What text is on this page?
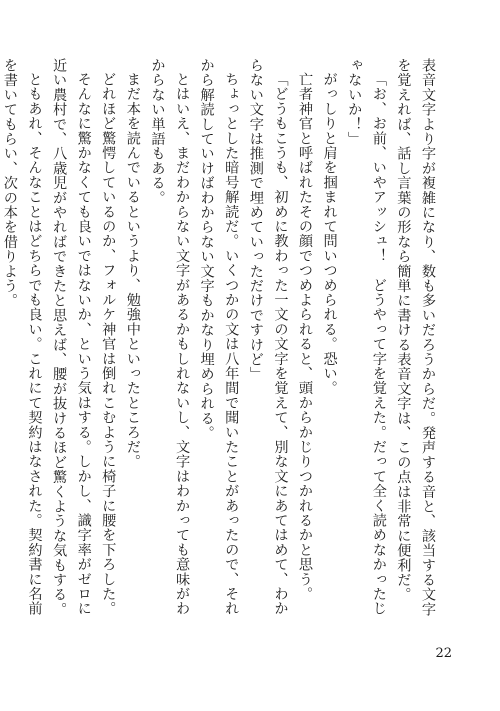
表音文字より字が複雑になり、数も多いだろうからだ。発声する音と、該当する文字を覚えれば、話し言葉の形なら簡単に書ける表音文字は、この点は非常に便利だ。

「お、お前、いやアッシュ！　どうやって字を覚えた。だって全く読めなかったじゃないか！」

がっしりと肩を掴まれて問いつめられる。恐い。

亡者神官と呼ばれたその顔でつめよられると、頭からかじりつかれるかと思う。

「どうもこうも、初めに教わった一文の文字を覚えて、別な文にあてはめて、わからない文字は推測で埋めていっただけですけど」

ちょっとした暗号解読だ。いくつかの文は八年間で聞いたことがあったので、それから解読していけばわからない文字もかなり埋められる。

とはいえ、まだわからない文字があるかもしれないし、文字はわかっても意味がわからない単語もある。

まだ本を読んでいるというより、勉強中といったところだ。

どれほど驚愕しているのか、フォルケ神官は倒れこむように椅子に腰を下ろした。

そんなに驚かなくても良いではないか、という気はする。しかし、識字率がゼロに近い農村で、八歳児がやればできたと思えば、腰が抜けるほど驚くような気もする。

ともあれ、そんなことはどちらでも良い。これにて契約はなされた。契約書に名前を書いてもらい、次の本を借りよう。

22
